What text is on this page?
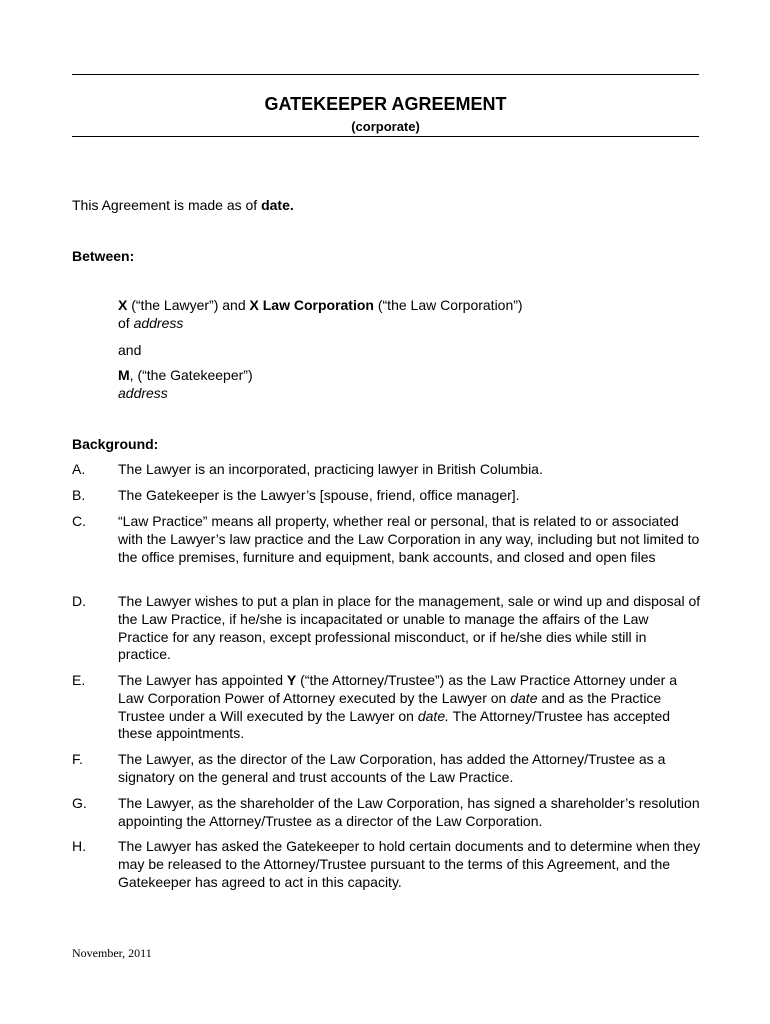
GATEKEEPER AGREEMENT
(corporate)
This Agreement is made as of date.
Between:
X (“the Lawyer”) and X Law Corporation (“the Law Corporation”)
of address
and
M, (“the Gatekeeper”)
address
Background:
A.	The Lawyer is an incorporated, practicing lawyer in British Columbia.
B.	The Gatekeeper is the Lawyer’s [spouse, friend, office manager].
C.	“Law Practice” means all property, whether real or personal, that is related to or associated with the Lawyer’s law practice and the Law Corporation in any way, including but not limited to the office premises, furniture and equipment, bank accounts, and closed and open files
D.	The Lawyer wishes to put a plan in place for the management, sale or wind up and disposal of the Law Practice, if he/she is incapacitated or unable to manage the affairs of the Law Practice for any reason, except professional misconduct, or if he/she dies while still in practice.
E.	The Lawyer has appointed Y (“the Attorney/Trustee”) as the Law Practice Attorney under a Law Corporation Power of Attorney executed by the Lawyer on date and as the Practice Trustee under a Will executed by the Lawyer on date. The Attorney/Trustee has accepted these appointments.
F.	The Lawyer, as the director of the Law Corporation, has added the Attorney/Trustee as a signatory on the general and trust accounts of the Law Practice.
G.	The Lawyer, as the shareholder of the Law Corporation, has signed a shareholder’s resolution appointing the Attorney/Trustee as a director of the Law Corporation.
H.	The Lawyer has asked the Gatekeeper to hold certain documents and to determine when they may be released to the Attorney/Trustee pursuant to the terms of this Agreement, and the Gatekeeper has agreed to act in this capacity.
November, 2011
